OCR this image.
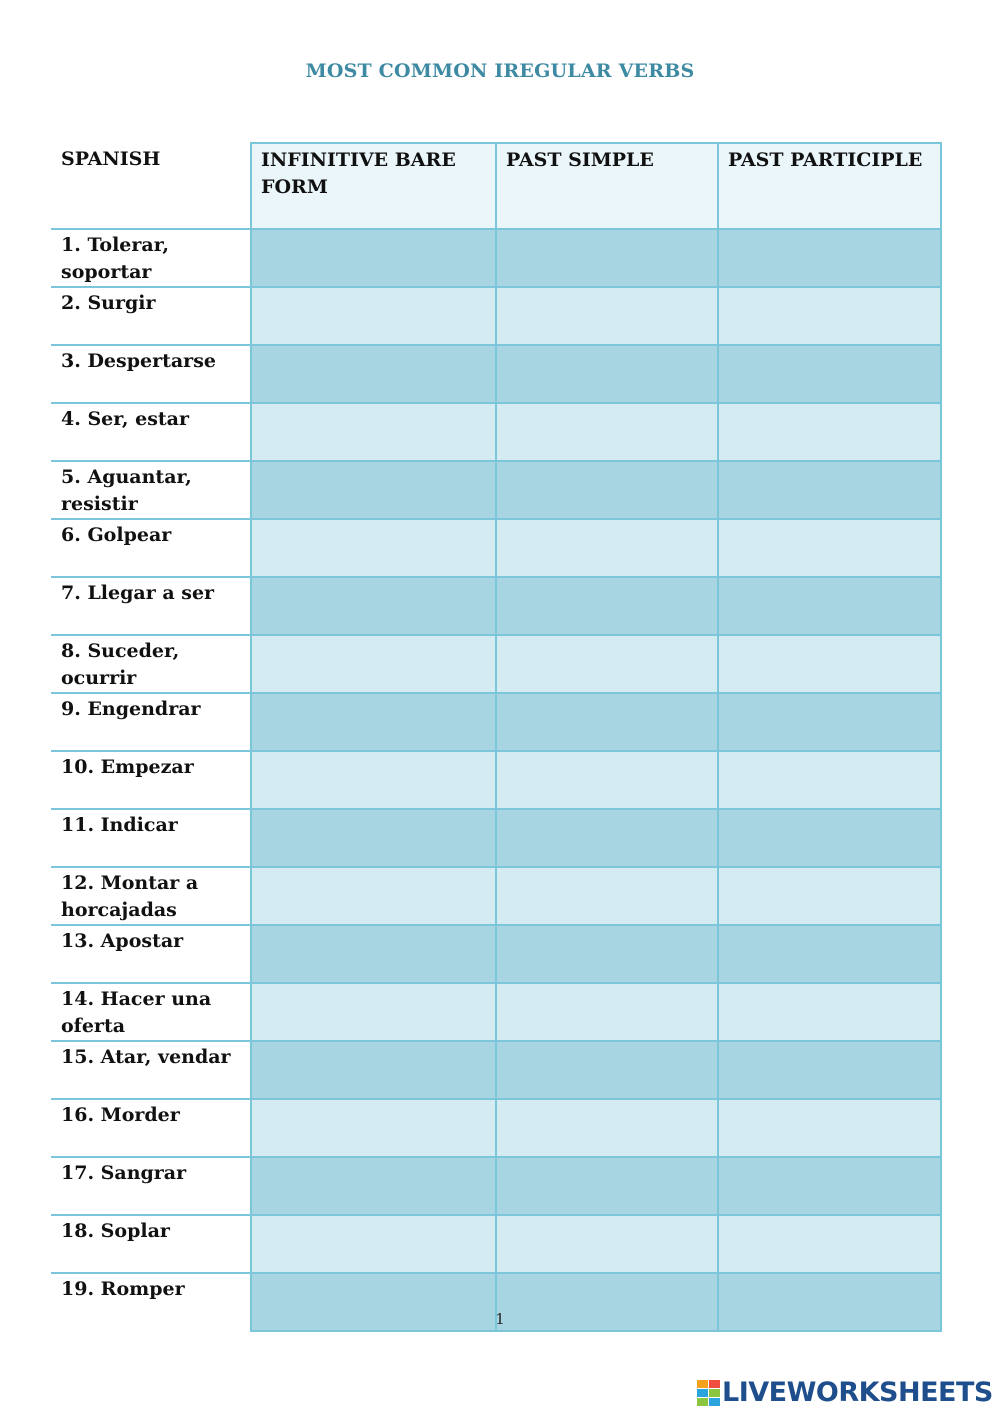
MOST COMMON IREGULAR VERBS
SPANISH	INFINITIVE BARE FORM	PAST SIMPLE	PAST PARTICIPLE

1. Tolerar, soportar			

2. Surgir			

3. Despertarse			

4. Ser, estar			

5. Aguantar, resistir			

6. Golpear			

7. Llegar a ser			

8. Suceder, ocurrir			

9. Engendrar			

10. Empezar			

11. Indicar			

12. Montar a horcajadas			

13. Apostar			

14. Hacer una oferta			

15. Atar, vendar			

16. Morder			

17. Sangrar			

18. Soplar			

19. Romper			

1
LIVEWORKSHEETS
